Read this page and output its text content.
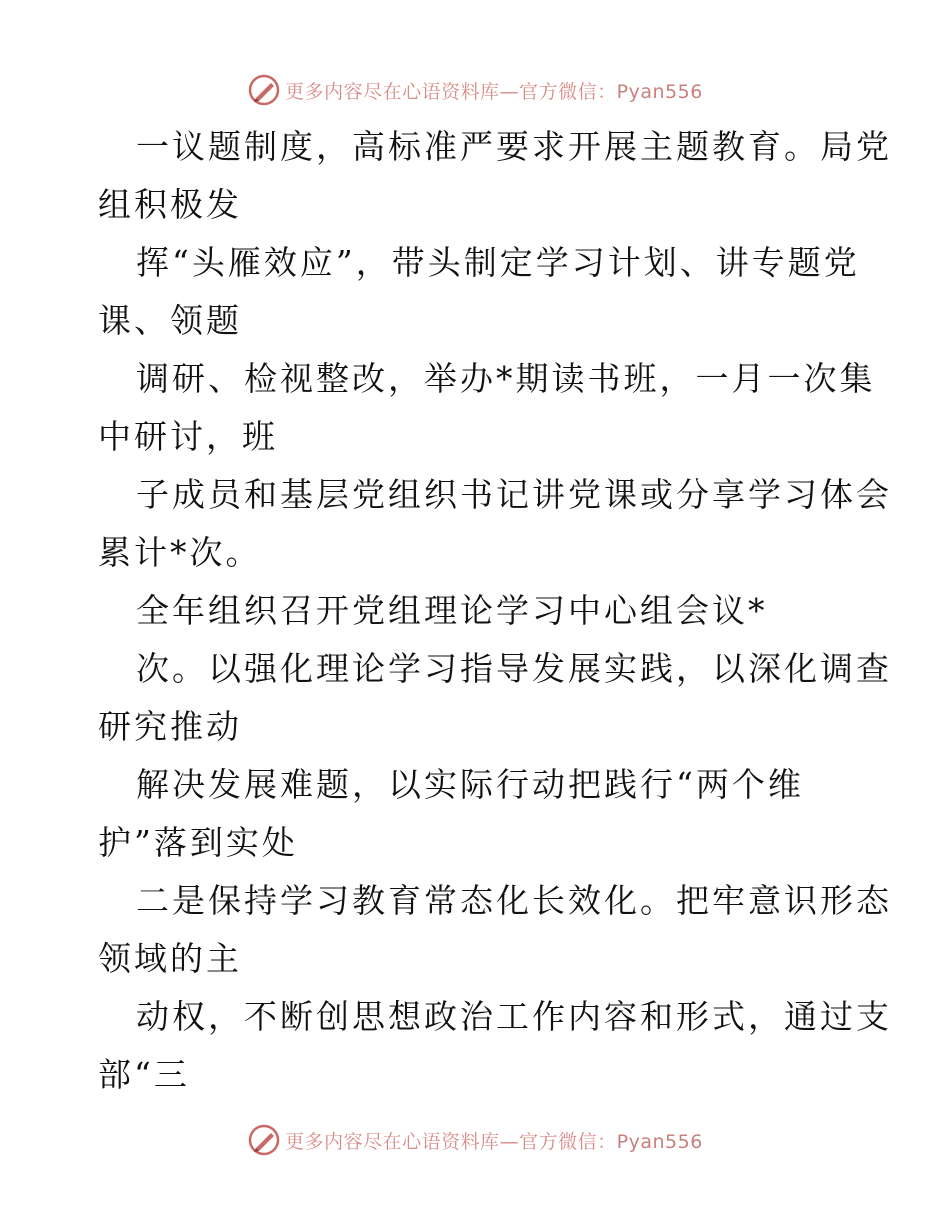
更多内容尽在心语资料库—官方微信：Pyan556
一议题制度，高标准严要求开展主题教育。局党
组积极发
挥“头雁效应”，带头制定学习计划、讲专题党
课、领题
调研、检视整改，举办*期读书班，一月一次集
中研讨，班
子成员和基层党组织书记讲党课或分享学习体会
累计*次。
全年组织召开党组理论学习中心组会议*
次。以强化理论学习指导发展实践，以深化调查
研究推动
解决发展难题，以实际行动把践行“两个维
护”落到实处
二是保持学习教育常态化长效化。把牢意识形态
领域的主
动权，不断创思想政治工作内容和形式，通过支
部“三
更多内容尽在心语资料库—官方微信：Pyan556
